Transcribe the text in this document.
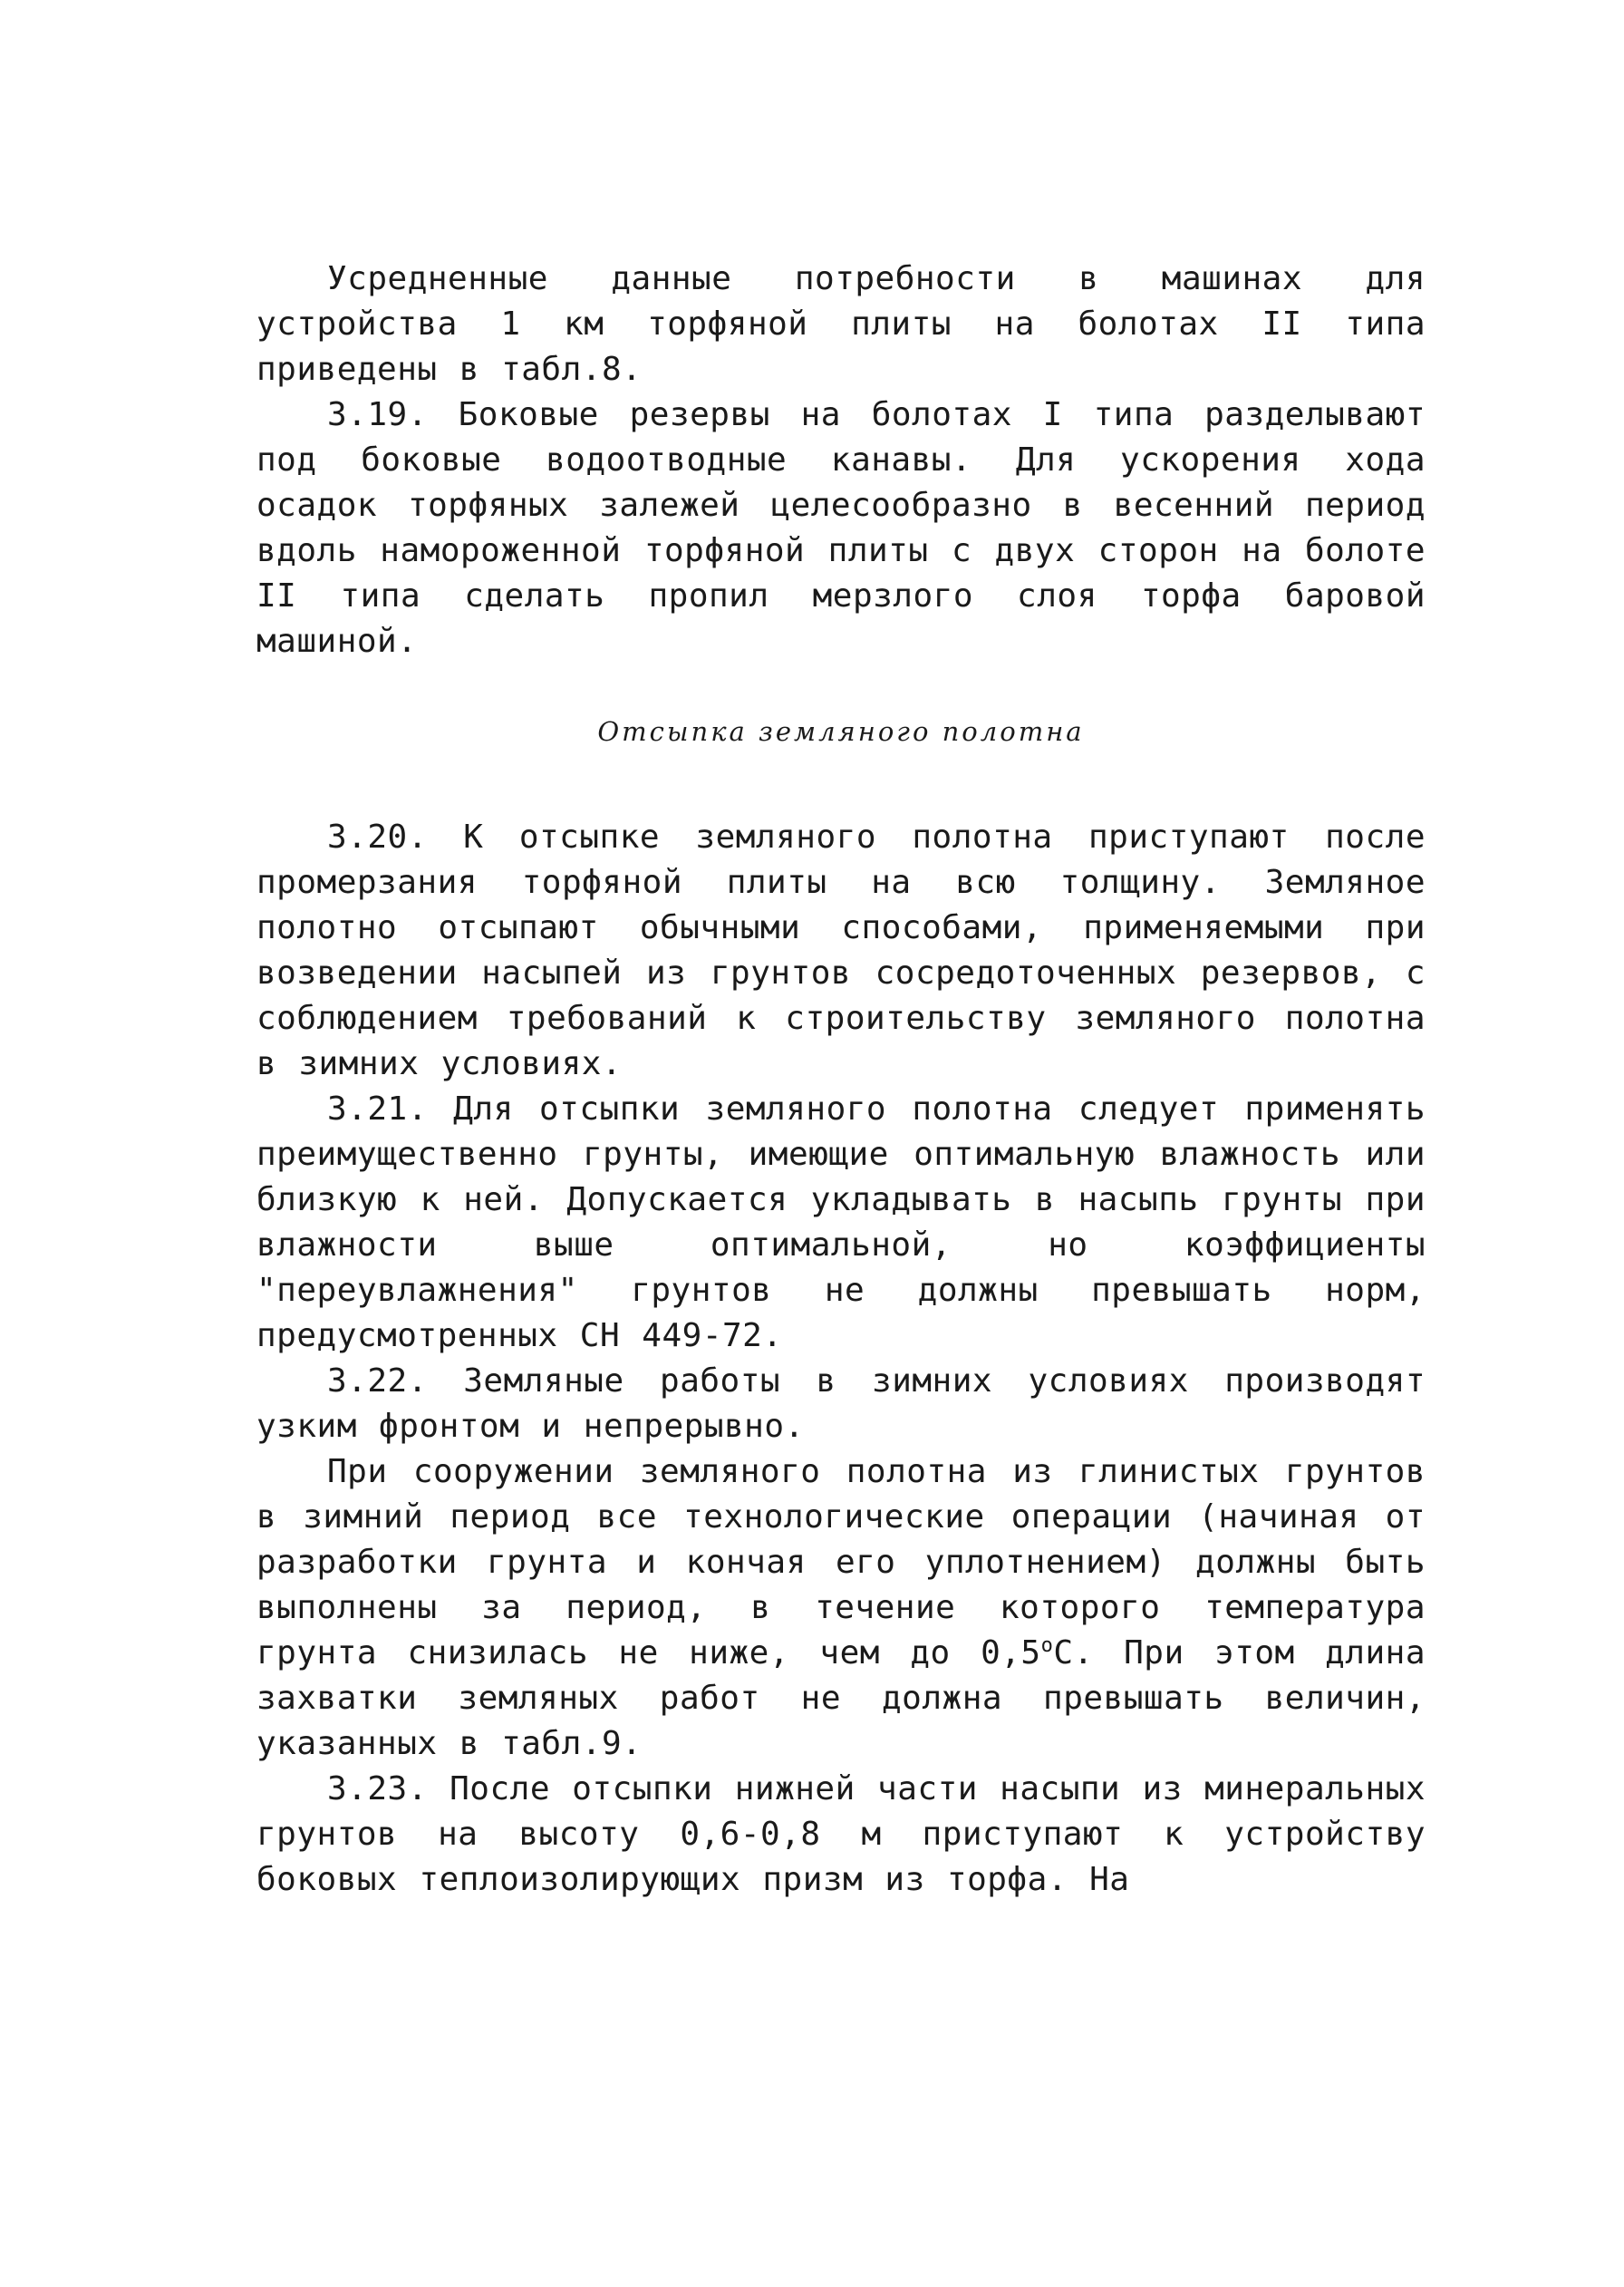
Усредненные данные потребности в машинах для устройства 1 км торфяной плиты на болотах II типа приведены в табл.8.

3.19. Боковые резервы на болотах I типа разделывают под боковые водоотводные канавы. Для ускорения хода осадок торфяных залежей целесообразно в весенний период вдоль намороженной торфяной плиты с двух сторон на болоте II типа сделать пропил мерзлого слоя торфа баровой машиной.

Отсыпка земляного полотна

3.20. К отсыпке земляного полотна приступают после промерзания торфяной плиты на всю толщину. Земляное полотно отсыпают обычными способами, применяемыми при возведении насыпей из грунтов сосредоточенных резервов, с соблюдением требований к строительству земляного полотна в зимних условиях.

3.21. Для отсыпки земляного полотна следует применять преимущественно грунты, имеющие оптимальную влажность или близкую к ней. Допускается укладывать в насыпь грунты при влажности выше оптимальной, но коэффициенты "переувлажнения" грунтов не должны превышать норм, предусмотренных СН 449-72.

3.22. Земляные работы в зимних условиях производят узким фронтом и непрерывно.

При сооружении земляного полотна из глинистых грунтов в зимний период все технологические операции (начиная от разработки грунта и кончая его уплотнением) должны быть выполнены за период, в течение которого температура грунта снизилась не ниже, чем до $0,5^оС$. При этом длина захватки земляных работ не должна превышать величин, указанных в табл.9.

3.23. После отсыпки нижней части насыпи из минеральных грунтов на высоту 0,6-0,8 м приступают к устройству боковых теплоизолирующих призм из торфа. На
